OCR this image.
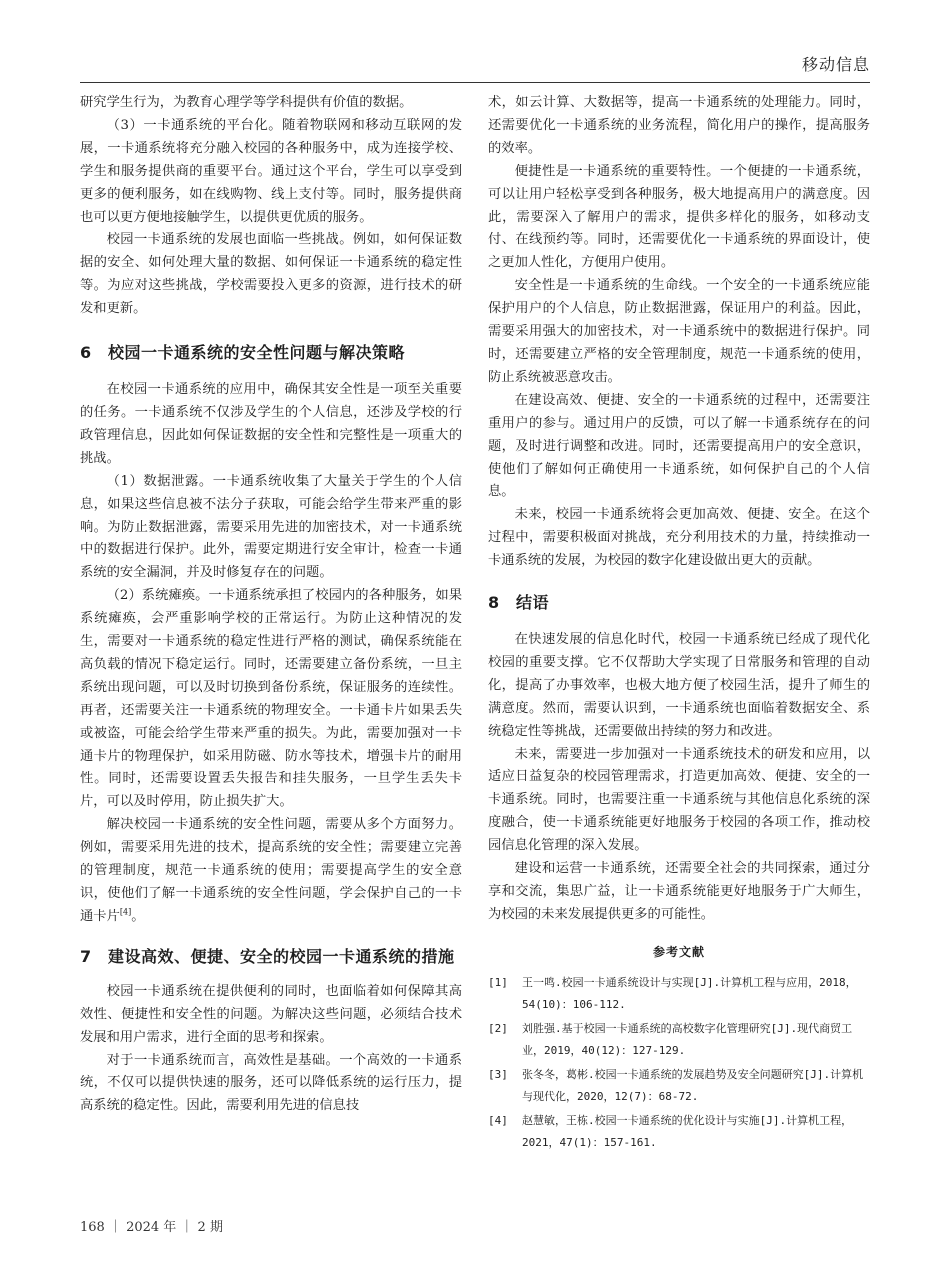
移动信息

研究学生行为，为教育心理学等学科提供有价值的数据。

（3）一卡通系统的平台化。随着物联网和移动互联网的发展，一卡通系统将充分融入校园的各种服务中，成为连接学校、学生和服务提供商的重要平台。通过这个平台，学生可以享受到更多的便利服务，如在线购物、线上支付等。同时，服务提供商也可以更方便地接触学生，以提供更优质的服务。

校园一卡通系统的发展也面临一些挑战。例如，如何保证数据的安全、如何处理大量的数据、如何保证一卡通系统的稳定性等。为应对这些挑战，学校需要投入更多的资源，进行技术的研发和更新。

6	校园一卡通系统的安全性问题与解决策略

在校园一卡通系统的应用中，确保其安全性是一项至关重要的任务。一卡通系统不仅涉及学生的个人信息，还涉及学校的行政管理信息，因此如何保证数据的安全性和完整性是一项重大的挑战。

（1）数据泄露。一卡通系统收集了大量关于学生的个人信息，如果这些信息被不法分子获取，可能会给学生带来严重的影响。为防止数据泄露，需要采用先进的加密技术，对一卡通系统中的数据进行保护。此外，需要定期进行安全审计，检查一卡通系统的安全漏洞，并及时修复存在的问题。

（2）系统瘫痪。一卡通系统承担了校园内的各种服务，如果系统瘫痪，会严重影响学校的正常运行。为防止这种情况的发生，需要对一卡通系统的稳定性进行严格的测试，确保系统能在高负载的情况下稳定运行。同时，还需要建立备份系统，一旦主系统出现问题，可以及时切换到备份系统，保证服务的连续性。再者，还需要关注一卡通系统的物理安全。一卡通卡片如果丢失或被盗，可能会给学生带来严重的损失。为此，需要加强对一卡通卡片的物理保护，如采用防磁、防水等技术，增强卡片的耐用性。同时，还需要设置丢失报告和挂失服务，一旦学生丢失卡片，可以及时停用，防止损失扩大。

解决校园一卡通系统的安全性问题，需要从多个方面努力。例如，需要采用先进的技术，提高系统的安全性；需要建立完善的管理制度，规范一卡通系统的使用；需要提高学生的安全意识，使他们了解一卡通系统的安全性问题，学会保护自己的一卡通卡片[4]。

7	建设高效、便捷、安全的校园一卡通系统的措施

校园一卡通系统在提供便利的同时，也面临着如何保障其高效性、便捷性和安全性的问题。为解决这些问题，必须结合技术发展和用户需求，进行全面的思考和探索。

对于一卡通系统而言，高效性是基础。一个高效的一卡通系统，不仅可以提供快速的服务，还可以降低系统的运行压力，提高系统的稳定性。因此，需要利用先进的信息技

术，如云计算、大数据等，提高一卡通系统的处理能力。同时，还需要优化一卡通系统的业务流程，简化用户的操作，提高服务的效率。

便捷性是一卡通系统的重要特性。一个便捷的一卡通系统，可以让用户轻松享受到各种服务，极大地提高用户的满意度。因此，需要深入了解用户的需求，提供多样化的服务，如移动支付、在线预约等。同时，还需要优化一卡通系统的界面设计，使之更加人性化，方便用户使用。

安全性是一卡通系统的生命线。一个安全的一卡通系统应能保护用户的个人信息，防止数据泄露，保证用户的利益。因此，需要采用强大的加密技术，对一卡通系统中的数据进行保护。同时，还需要建立严格的安全管理制度，规范一卡通系统的使用，防止系统被恶意攻击。

在建设高效、便捷、安全的一卡通系统的过程中，还需要注重用户的参与。通过用户的反馈，可以了解一卡通系统存在的问题，及时进行调整和改进。同时，还需要提高用户的安全意识，使他们了解如何正确使用一卡通系统，如何保护自己的个人信息。

未来，校园一卡通系统将会更加高效、便捷、安全。在这个过程中，需要积极面对挑战，充分利用技术的力量，持续推动一卡通系统的发展，为校园的数字化建设做出更大的贡献。

8	结语

在快速发展的信息化时代，校园一卡通系统已经成了现代化校园的重要支撑。它不仅帮助大学实现了日常服务和管理的自动化，提高了办事效率，也极大地方便了校园生活，提升了师生的满意度。然而，需要认识到，一卡通系统也面临着数据安全、系统稳定性等挑战，还需要做出持续的努力和改进。

未来，需要进一步加强对一卡通系统技术的研发和应用，以适应日益复杂的校园管理需求，打造更加高效、便捷、安全的一卡通系统。同时，也需要注重一卡通系统与其他信息化系统的深度融合，使一卡通系统能更好地服务于校园的各项工作，推动校园信息化管理的深入发展。

建设和运营一卡通系统，还需要全社会的共同探索，通过分享和交流，集思广益，让一卡通系统能更好地服务于广大师生，为校园的未来发展提供更多的可能性。

参考文献
[1]	王一鸣.校园一卡通系统设计与实现[J].计算机工程与应用，2018，54(10)：106-112.
[2]	刘胜强.基于校园一卡通系统的高校数字化管理研究[J].现代商贸工业，2019，40(12)：127-129.
[3]	张冬冬，葛彬.校园一卡通系统的发展趋势及安全问题研究[J].计算机与现代化，2020，12(7)：68-72.
[4]	赵慧敏，王栋.校园一卡通系统的优化设计与实施[J].计算机工程，2021，47(1)：157-161.
168 ｜ 2024 年 ｜ 2 期
